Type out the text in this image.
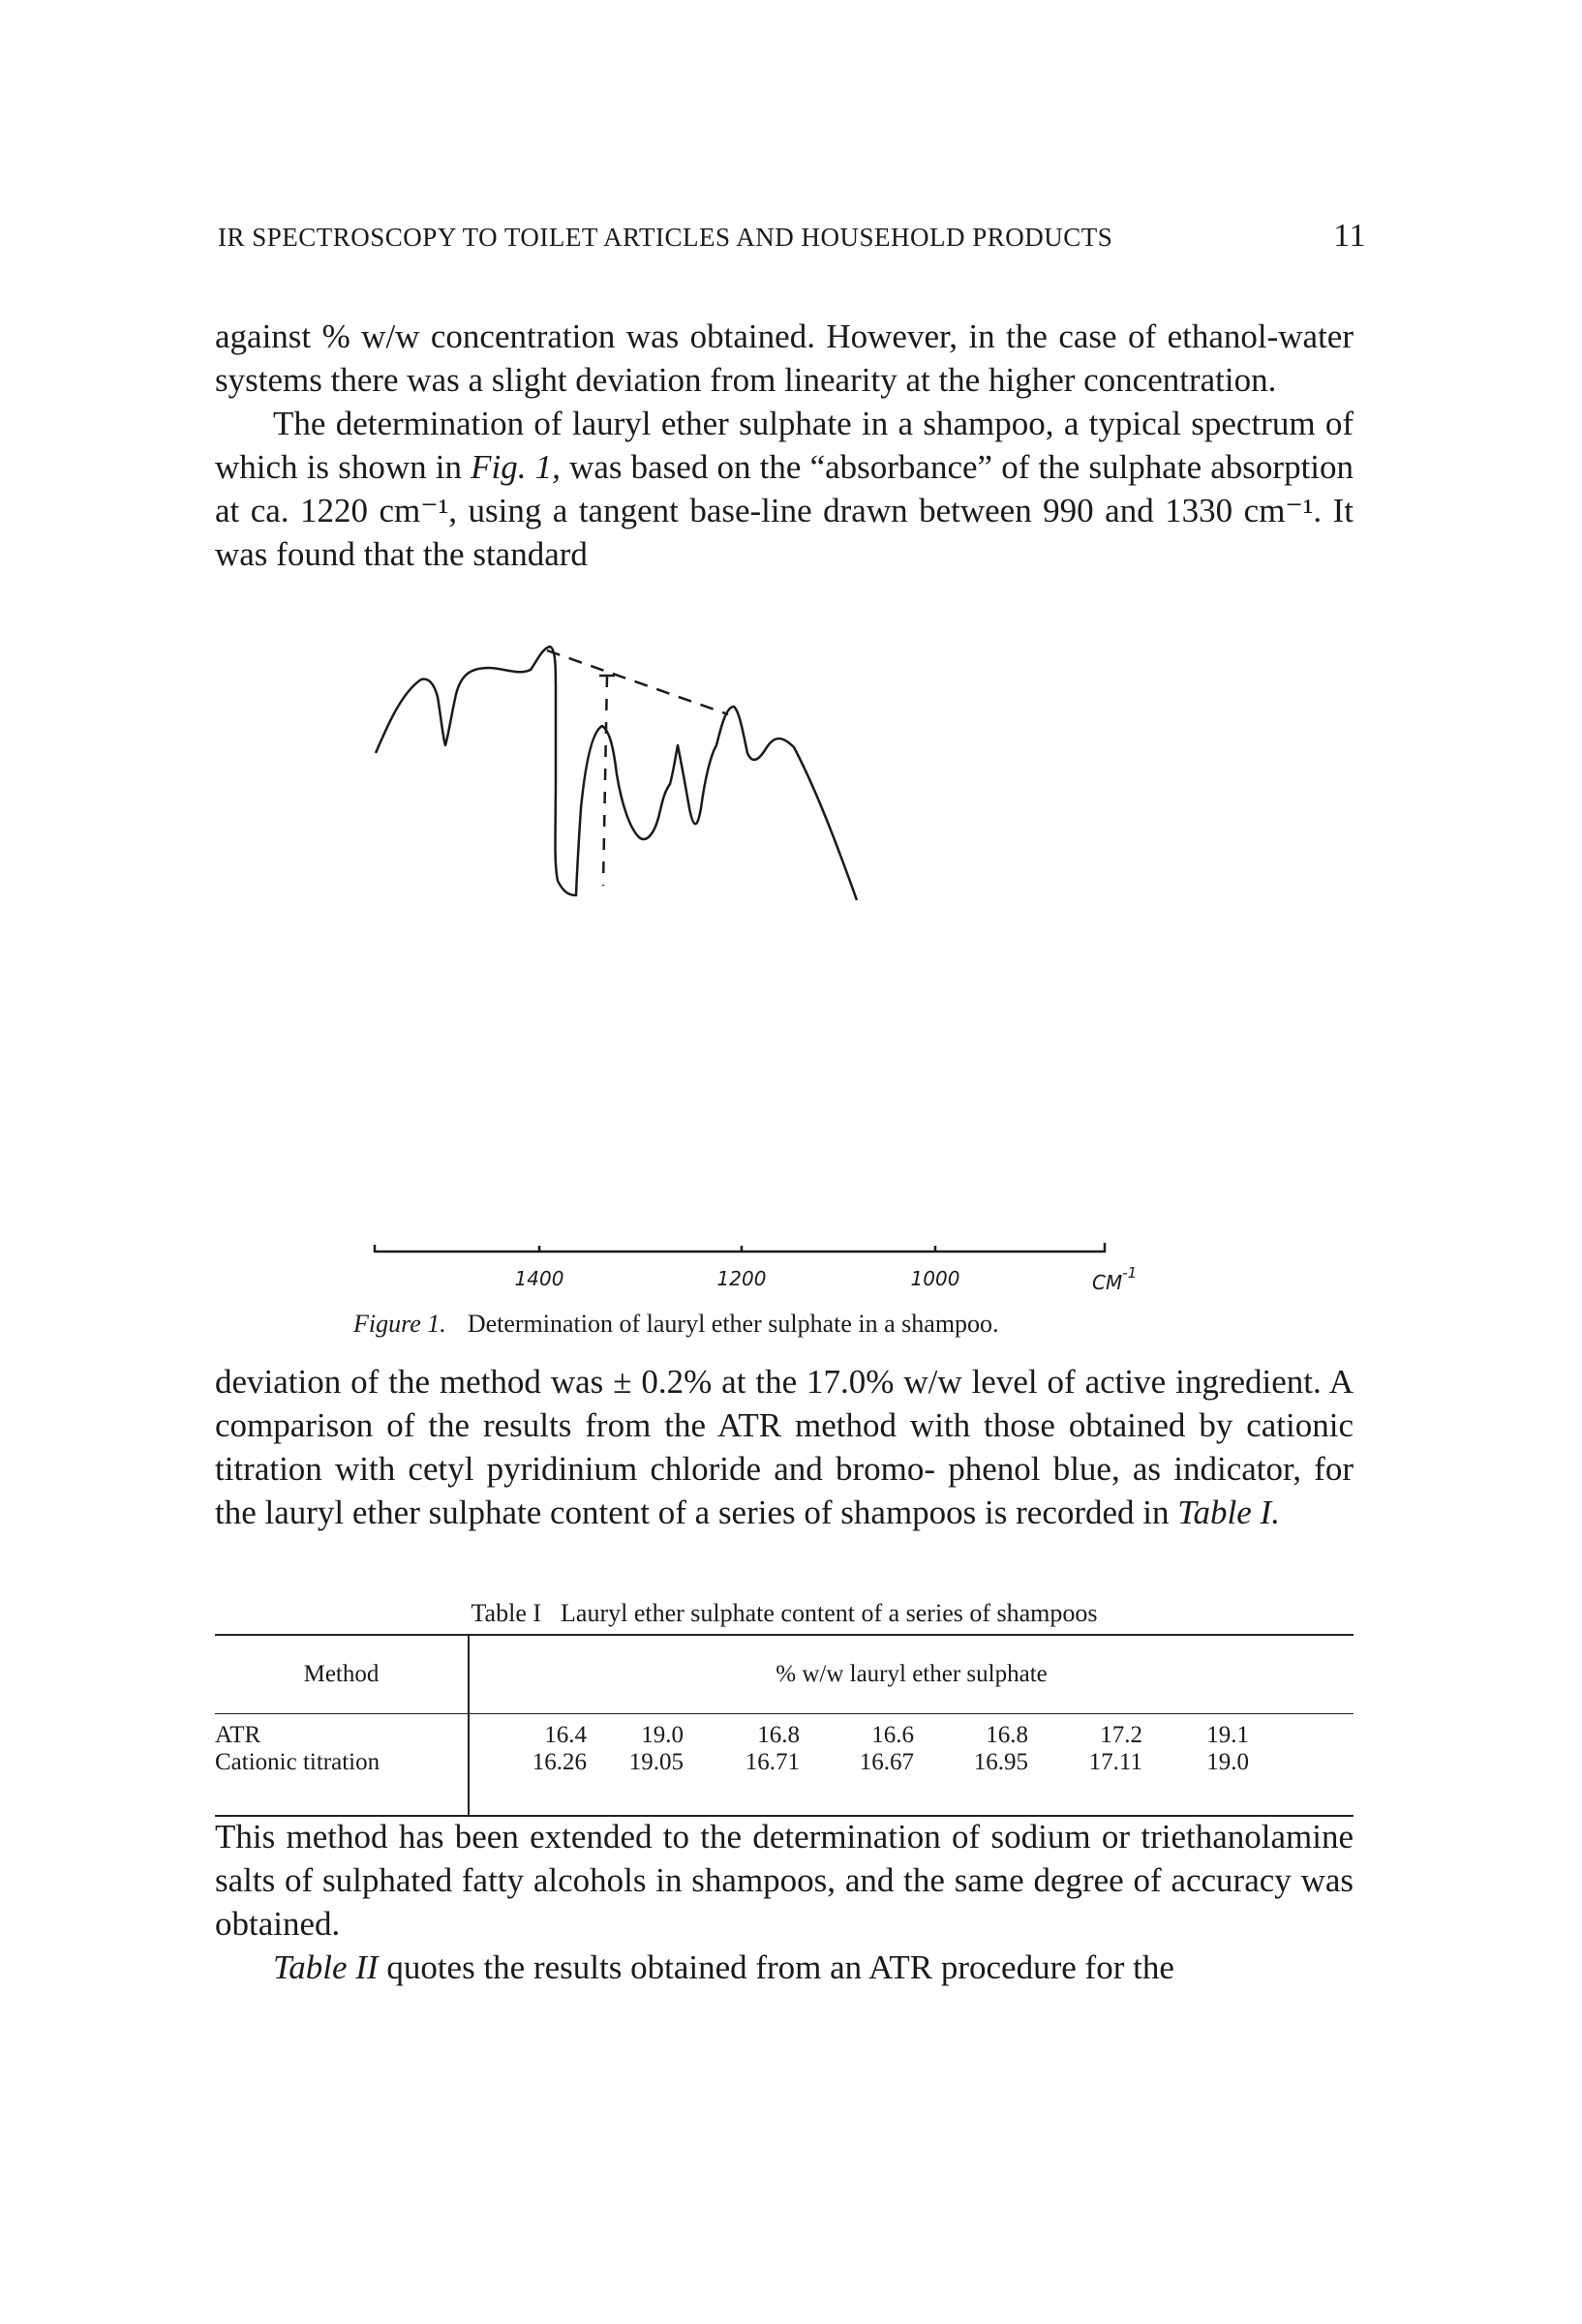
IR SPECTROSCOPY TO TOILET ARTICLES AND HOUSEHOLD PRODUCTS	11

against % w/w concentration was obtained. However, in the case of ethanol-water systems there was a slight deviation from linearity at the higher concentration.

The determination of lauryl ether sulphate in a shampoo, a typical spectrum of which is shown in Fig. 1, was based on the “absorbance” of the sulphate absorption at ca. 1220 cm⁻¹, using a tangent base-line drawn between 990 and 1330 cm⁻¹. It was found that the standard

1400	1200	1000	$CM^{-1}$
Figure 1. Determination of lauryl ether sulphate in a shampoo.

deviation of the method was ± 0.2% at the 17.0% w/w level of active ingredient. A comparison of the results from the ATR method with those obtained by cationic titration with cetyl pyridinium chloride and bromo- phenol blue, as indicator, for the lauryl ether sulphate content of a series of shampoos is recorded in Table I.

Table I Lauryl ether sulphate content of a series of shampoos
Method	% w/w lauryl ether sulphate							

ATR	16.4	19.0	16.8	16.6	16.8	17.2	19.1	
Cationic titration	16.26	19.05	16.71	16.67	16.95	17.11	19.0	

This method has been extended to the determination of sodium or triethanolamine salts of sulphated fatty alcohols in shampoos, and the same degree of accuracy was obtained.

Table II quotes the results obtained from an ATR procedure for the
